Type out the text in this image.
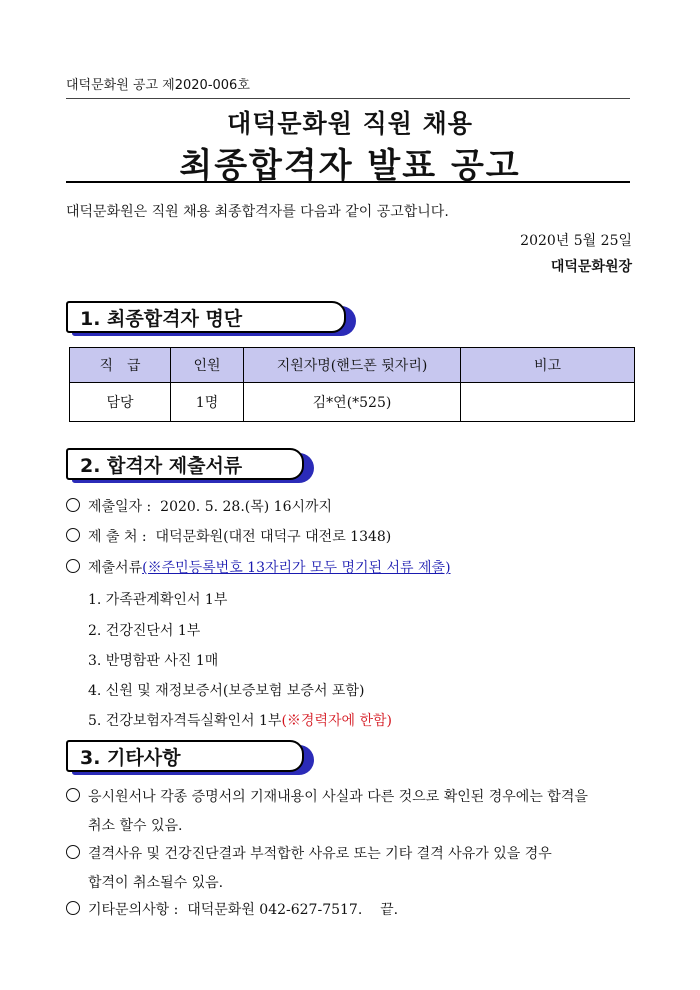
대덕문화원 공고 제2020-006호
대덕문화원 직원 채용
최종합격자 발표 공고
대덕문화원은 직원 채용 최종합격자를 다음과 같이 공고합니다.
2020년 5월 25일
대덕문화원장
1. 최종합격자 명단
직　급	인원	지원자명(핸드폰 뒷자리)	비고
담당	1명	김*연(*525)	
2. 합격자 제출서류
제출일자 : 2020. 5. 28.(목) 16시까지
제 출 처 : 대덕문화원(대전 대덕구 대전로 1348)
제출서류(※주민등록번호 13자리가 모두 명기된 서류 제출)
1. 가족관계확인서 1부
2. 건강진단서 1부
3. 반명함판 사진 1매
4. 신원 및 재정보증서(보증보험 보증서 포함)
5. 건강보험자격득실확인서 1부(※경력자에 한함)
3. 기타사항
응시원서나 각종 증명서의 기재내용이 사실과 다른 것으로 확인된 경우에는 합격을
취소 할수 있음.
결격사유 및 건강진단결과 부적합한 사유로 또는 기타 결격 사유가 있을 경우
합격이 취소될수 있음.
기타문의사항 : 대덕문화원 042-627-7517. 끝.
